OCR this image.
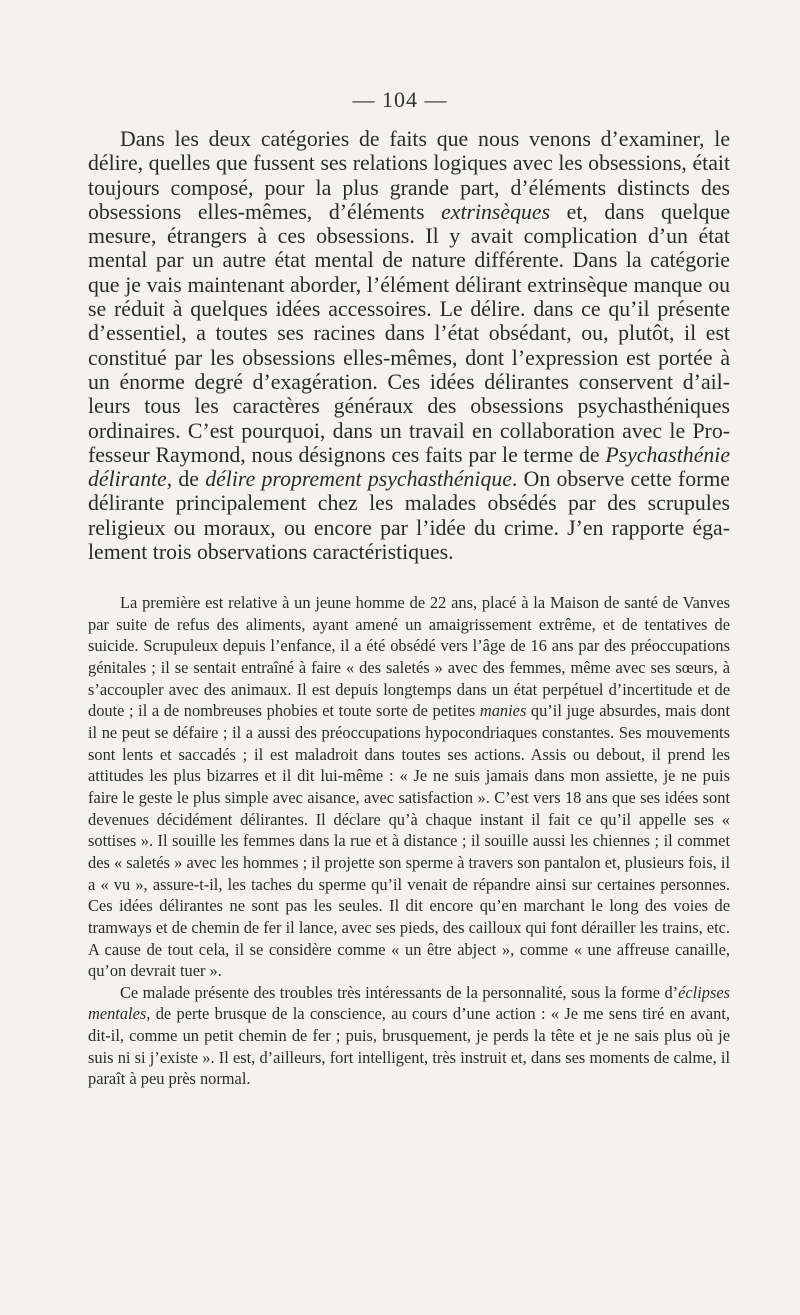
— 104 —

Dans les deux catégories de faits que nous venons d’examiner, le délire, quelles que fussent ses relations logiques avec les obsessions, était toujours composé, pour la plus grande part, d’éléments distincts des obsessions elles-mêmes, d’éléments extrinsèques et, dans quelque mesure, étrangers à ces obsessions. Il y avait complication d’un état mental par un autre état mental de nature différente. Dans la catégorie que je vais maintenant aborder, l’élément délirant extrinsèque manque ou se réduit à quelques idées accessoires. Le délire. dans ce qu’il présente d’essentiel, a toutes ses racines dans l’état obsédant, ou, plutôt, il est constitué par les obsessions elles-mêmes, dont l’expression est portée à un énorme degré d’exagération. Ces idées délirantes conservent d’ailleurs tous les caractères généraux des obsessions psychasthéniques ordinaires. C’est pourquoi, dans un travail en collaboration avec le Professeur Raymond, nous désignons ces faits par le terme de Psychasthénie délirante, de délire proprement psychasthénique. On observe cette forme délirante principalement chez les malades obsédés par des scrupules religieux ou moraux, ou encore par l’idée du crime. J’en rapporte également trois observations caractéristiques.

La première est relative à un jeune homme de 22 ans, placé à la Maison de santé de Vanves par suite de refus des aliments, ayant amené un amaigrissement extrême, et de tentatives de suicide. Scrupuleux depuis l’enfance, il a été obsédé vers l’âge de 16 ans par des préoccupations génitales ; il se sentait entraîné à faire « des saletés » avec des femmes, même avec ses sœurs, à s’accoupler avec des animaux. Il est depuis longtemps dans un état perpétuel d’incertitude et de doute ; il a de nombreuses phobies et toute sorte de petites manies qu’il juge absurdes, mais dont il ne peut se défaire ; il a aussi des préoccupations hypocondriaques constantes. Ses mouvements sont lents et saccadés ; il est maladroit dans toutes ses actions. Assis ou debout, il prend les attitudes les plus bizarres et il dit lui-même : « Je ne suis jamais dans mon assiette, je ne puis faire le geste le plus simple avec aisance, avec satisfaction ». C’est vers 18 ans que ses idées sont devenues décidément délirantes. Il déclare qu’à chaque instant il fait ce qu’il appelle ses « sottises ». Il souille les femmes dans la rue et à distance ; il souille aussi les chiennes ; il commet des « saletés » avec les hommes ; il projette son sperme à travers son pantalon et, plusieurs fois, il a « vu », assure-t-il, les taches du sperme qu’il venait de répandre ainsi sur certaines personnes. Ces idées délirantes ne sont pas les seules. Il dit encore qu’en marchant le long des voies de tramways et de chemin de fer il lance, avec ses pieds, des cailloux qui font dérailler les trains, etc. A cause de tout cela, il se considère comme « un être abject », comme « une affreuse canaille, qu’on devrait tuer ».

Ce malade présente des troubles très intéressants de la personnalité, sous la forme d’éclipses mentales, de perte brusque de la conscience, au cours d’une action : « Je me sens tiré en avant, dit-il, comme un petit chemin de fer ; puis, brusquement, je perds la tête et je ne sais plus où je suis ni si j’existe ». Il est, d’ailleurs, fort intelligent, très instruit et, dans ses moments de calme, il paraît à peu près normal.
